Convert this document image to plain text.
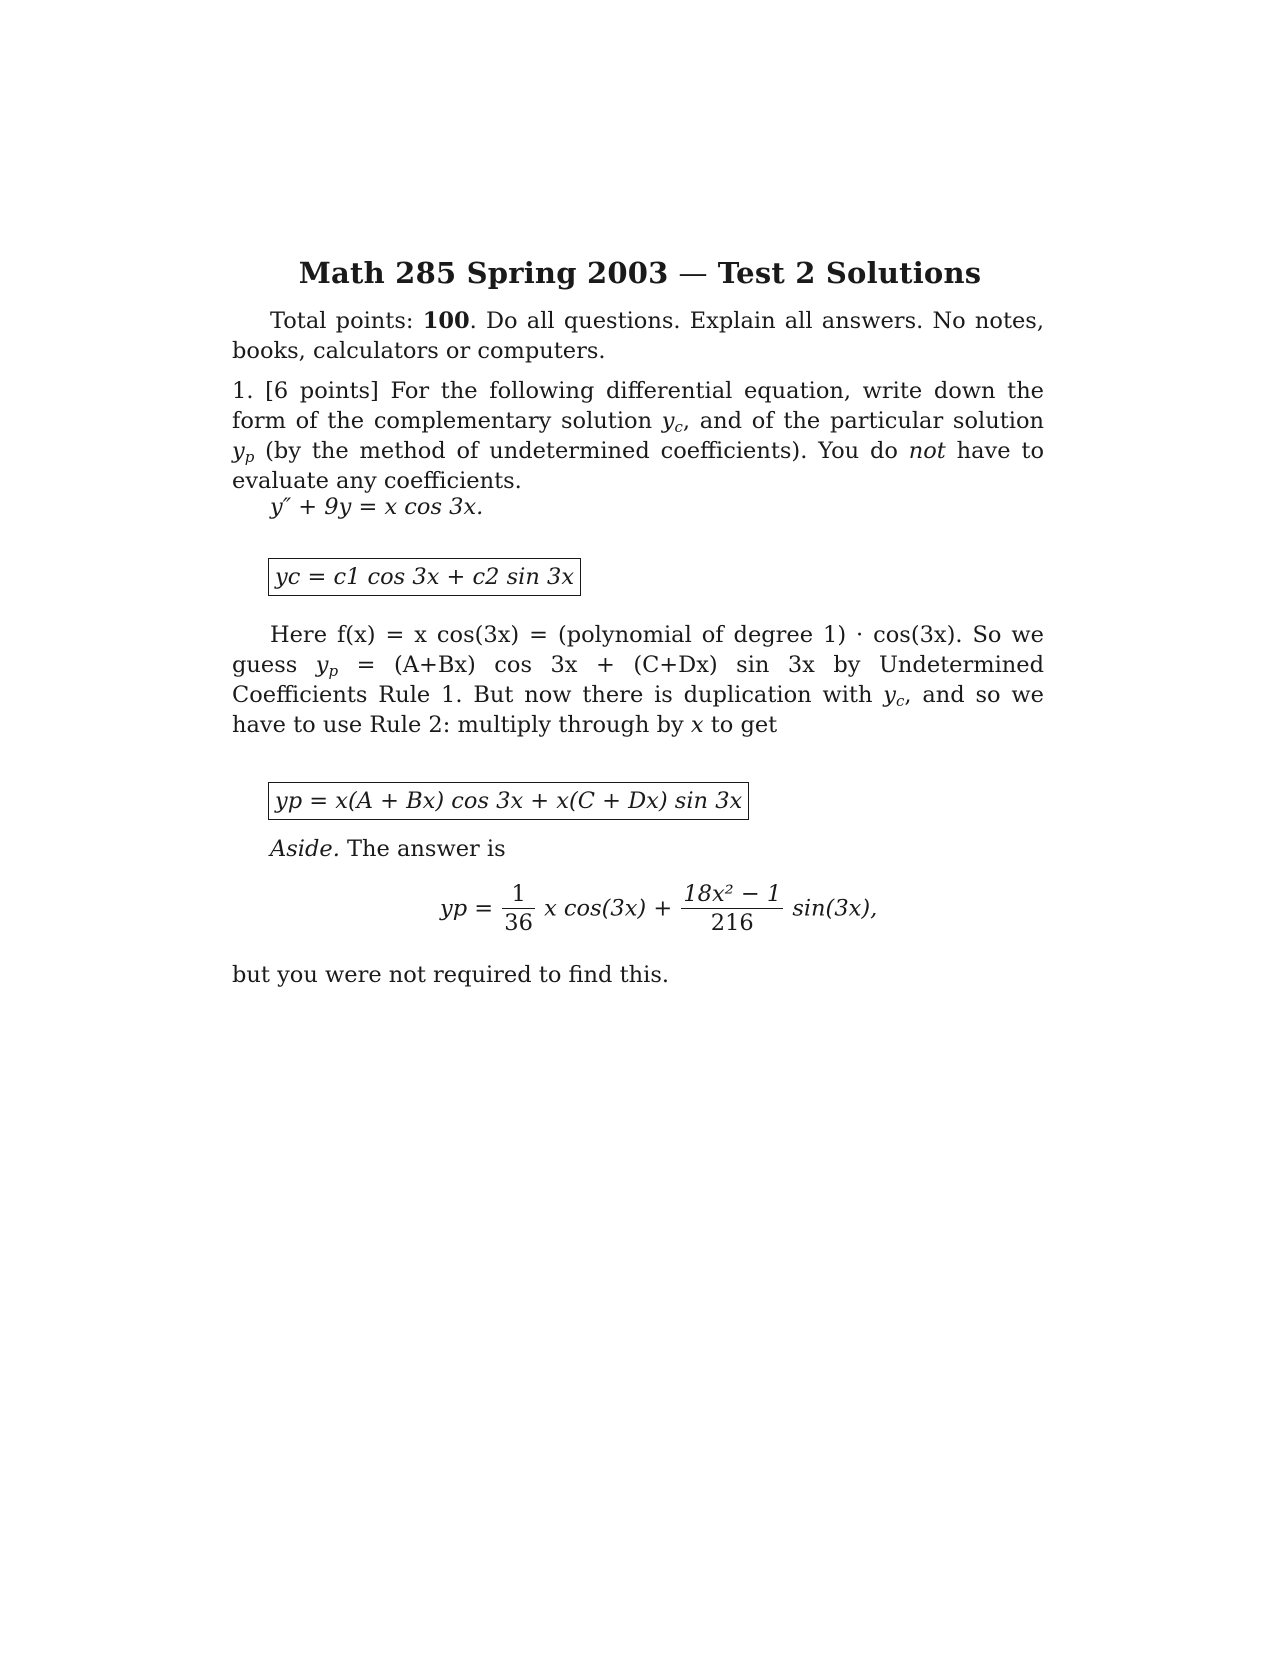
Math 285 Spring 2003 — Test 2 Solutions
Total points: 100. Do all questions. Explain all answers. No notes, books, calculators or computers.
1. [6 points] For the following differential equation, write down the form of the complementary solution $y_c$, and of the particular solution $y_p$ (by the method of undetermined coefficients). You do not have to evaluate any coefficients.
y″ + 9y = x cos 3x.
yc = c1 cos 3x + c2 sin 3x
Here f(x) = x cos(3x) = (polynomial of degree 1) · cos(3x). So we guess $y_p = (A+Bx)$ cos 3x + (C+Dx) sin 3x by Undetermined Coefficients Rule 1. But now there is duplication with $y_c$, and so we have to use Rule 2: multiply through by x to get
yp = x(A + Bx) cos 3x + x(C + Dx) sin 3x
Aside. The answer is
yp = $\frac{1}{36}$ x $\cos(3x) + \frac{\text{18x² − 1}}{216} \sin(3x)$,
but you were not required to find this.
